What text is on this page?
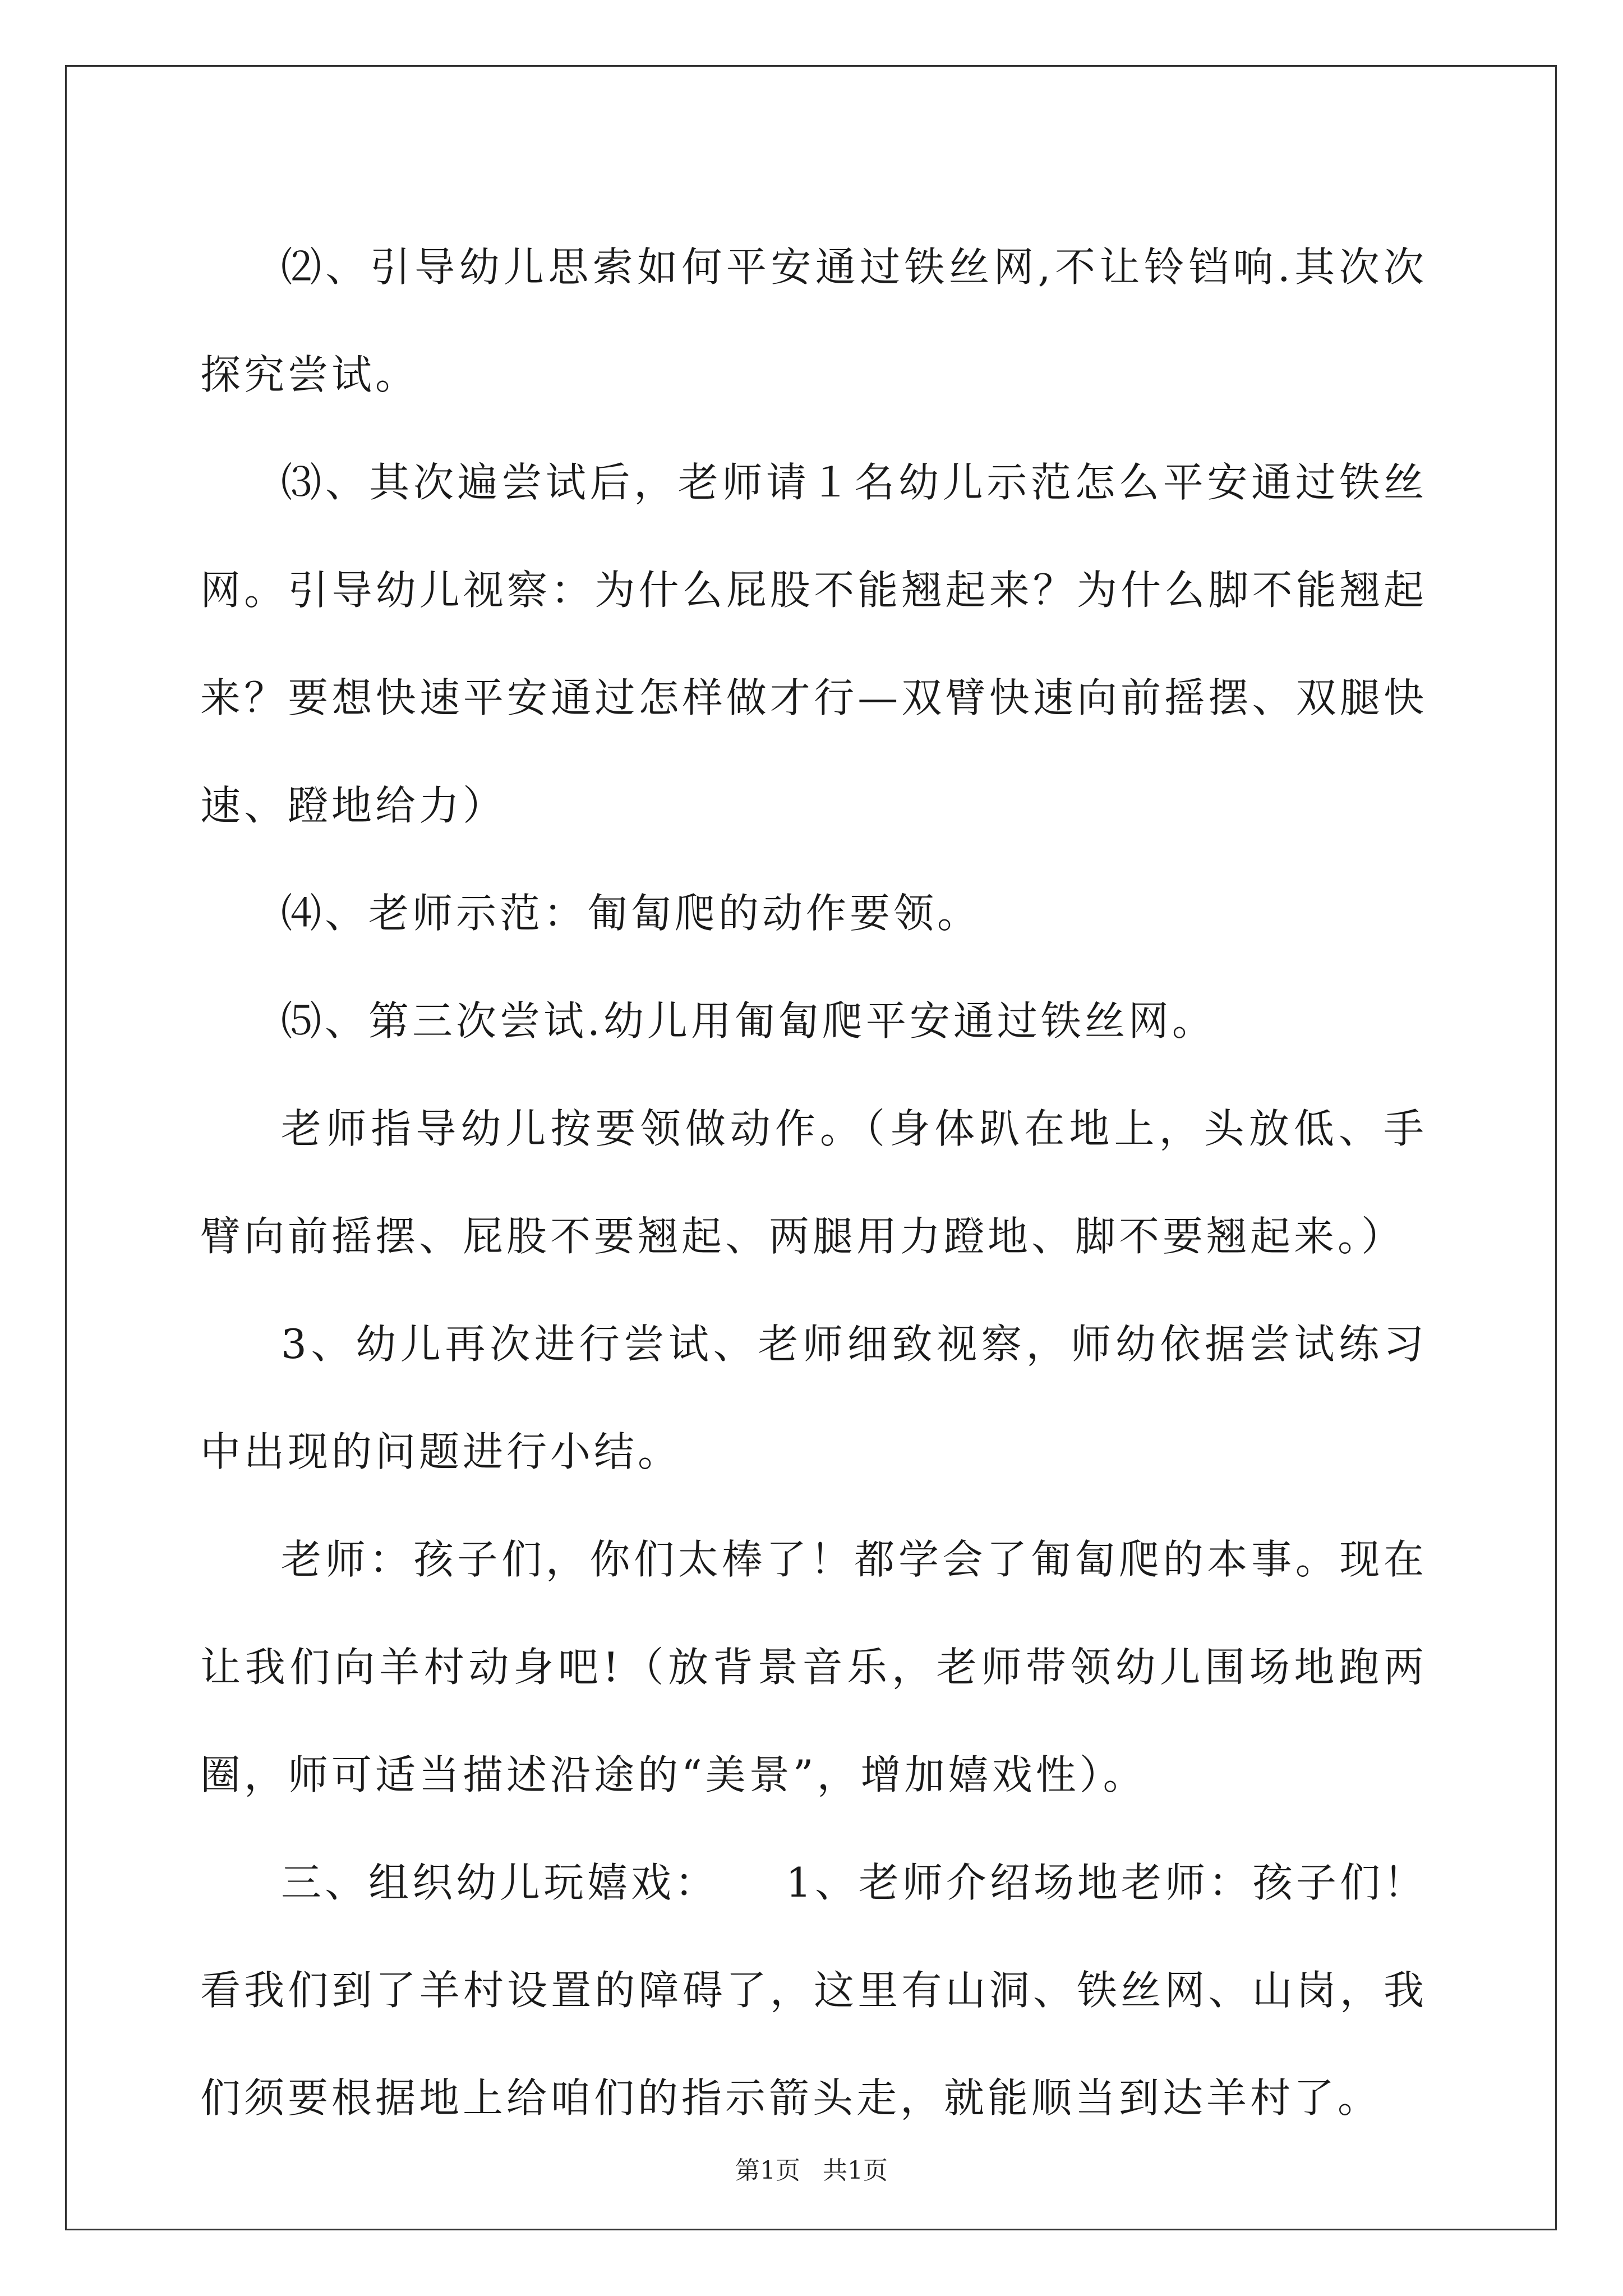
⑵、引导幼儿思索如何平安通过铁丝网,不让铃铛响.其次次探究尝试。

⑶、其次遍尝试后，老师请１名幼儿示范怎么平安通过铁丝网。引导幼儿视察：为什么屁股不能翘起来？为什么脚不能翘起来？要想快速平安通过怎样做才行—双臂快速向前摇摆、双腿快速、蹬地给力）

⑷、老师示范：匍匐爬的动作要领。

⑸、第三次尝试.幼儿用匍匐爬平安通过铁丝网。

老师指导幼儿按要领做动作。（身体趴在地上，头放低、手臂向前摇摆、屁股不要翘起、两腿用力蹬地、脚不要翘起来。）

3、幼儿再次进行尝试、老师细致视察，师幼依据尝试练习中出现的问题进行小结。

老师：孩子们，你们太棒了！都学会了匍匐爬的本事。现在让我们向羊村动身吧!（放背景音乐，老师带领幼儿围场地跑两圈，师可适当描述沿途的“美景”，增加嬉戏性）。

三、组织幼儿玩嬉戏：　　1、老师介绍场地老师：孩子们！看我们到了羊村设置的障碍了，这里有山洞、铁丝网、山岗，我们须要根据地上给咱们的指示箭头走，就能顺当到达羊村了。

第1页 共1页
